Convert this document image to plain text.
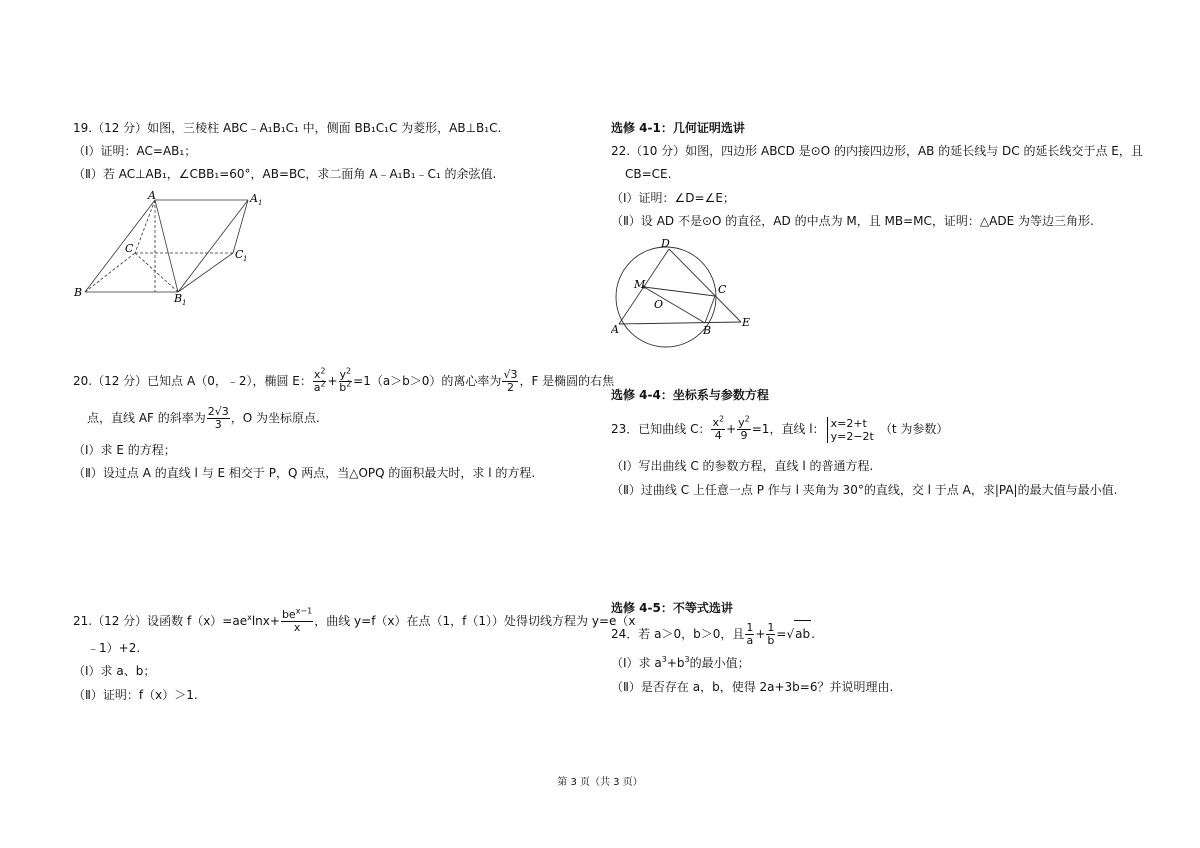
19.（12 分）如图，三棱柱 ABC﹣A₁B₁C₁ 中，侧面 BB₁C₁C 为菱形，AB⊥B₁C.
（Ⅰ）证明：AC=AB₁；
（Ⅱ）若 AC⊥AB₁，∠CBB₁=60°，AB=BC，求二面角 A﹣A₁B₁﹣C₁ 的余弦值.
A	A 1
C	C 1
B	B 1
20.（12 分）已知点 A（0，﹣2），椭圆 E： $\frac{x^2}{a^2} + \frac{y^2}{b^2} =1(a>b>0)$的离心率为 $\frac{√3}{2}$ ，F 是椭圆的右焦
点，直线 AF 的斜率为 $\frac{2√3}{3}$ ，O 为坐标原点.
（Ⅰ）求 E 的方程；
（Ⅱ）设过点 A 的直线 l 与 E 相交于 P，Q 两点，当△OPQ 的面积最大时，求 l 的方程.
21.（12 分）设函数 $f(x)=ae^x\ln x+ \frac{be^{x-1}}{x}$ ，曲线 y=f（x）在点（1，f（1））处得切线方程为 y=e（x
﹣1）+2.
（Ⅰ）求 a、b；
（Ⅱ）证明：f（x）＞1.
选修 4-1：几何证明选讲
22.（10 分）如图，四边形 ABCD 是⊙O 的内接四边形，AB 的延长线与 DC 的延长线交于点 E，且
CB=CE.
（Ⅰ）证明：∠D=∠E；
（Ⅱ）设 AD 不是⊙O 的直径，AD 的中点为 M，且 MB=MC，证明：△ADE 为等边三角形.
D
M
O
C
A	B
E
选修 4-4：坐标系与参数方程
23．已知曲线 C： $\frac{x^2}{4} + \frac{y^2}{9} =1$，直线 l： x=2+t
y=2−2t （t 为参数）
（Ⅰ）写出曲线 C 的参数方程，直线 l 的普通方程.
（Ⅱ）过曲线 C 上任意一点 P 作与 l 夹角为 30°的直线，交 l 于点 A，求|PA|的最大值与最小值.
选修 4-5：不等式选讲
24．若 a＞0，b＞0，且 $\frac{1}{a} + \frac{1}{b} =√ab$.
（Ⅰ）求 $a^3+b^3$的最小值；
（Ⅱ）是否存在 a，b，使得 2a+3b=6？并说明理由.
第 3 页（共 3 页）
